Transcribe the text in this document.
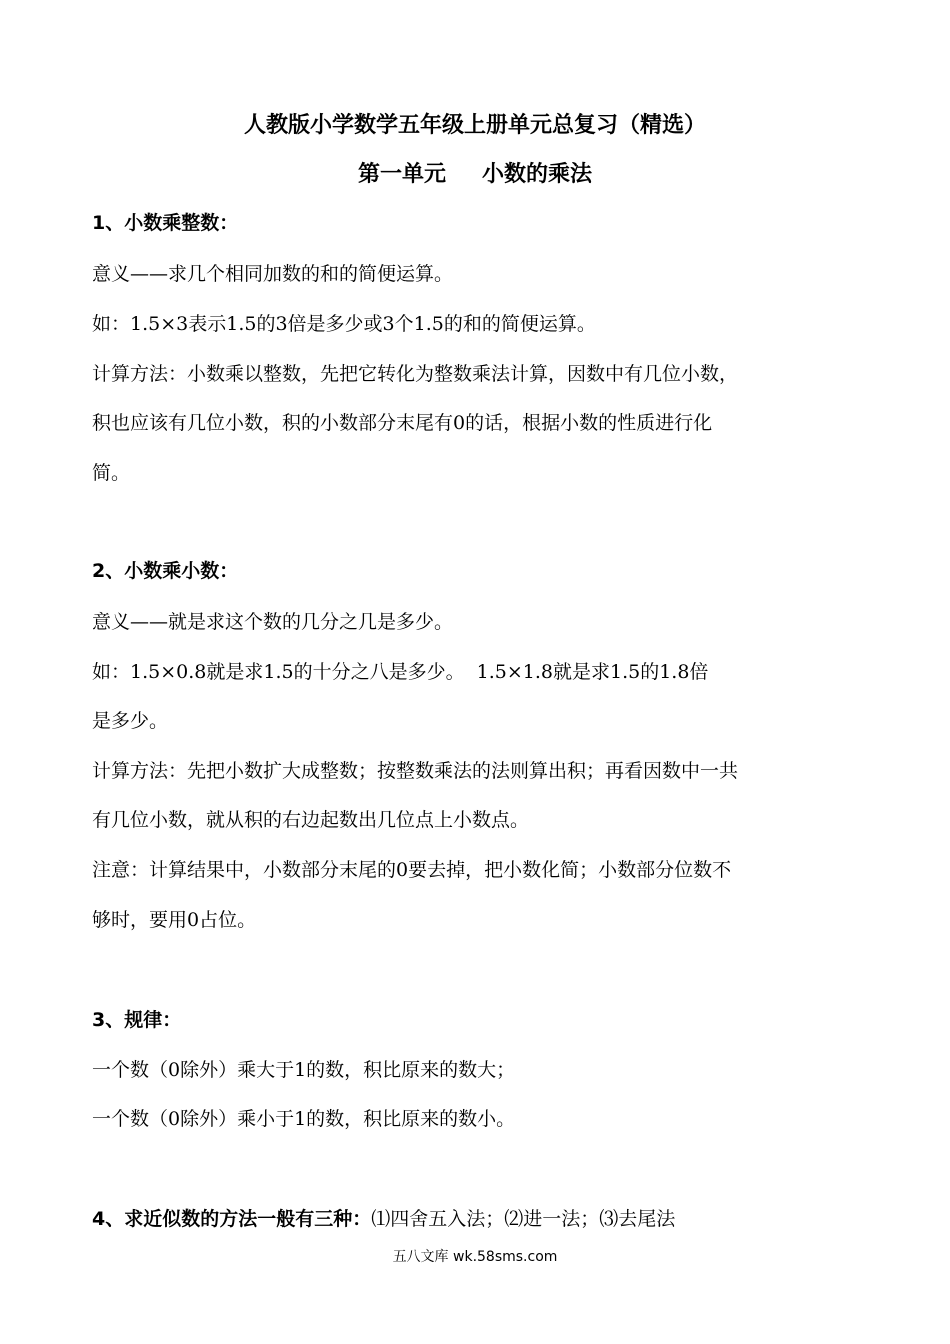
人教版小学数学五年级上册单元总复习（精选）
第一单元 小数的乘法
1、小数乘整数：
意义——求几个相同加数的和的简便运算。
如：1.5×3表示1.5的3倍是多少或3个1.5的和的简便运算。
计算方法：小数乘以整数，先把它转化为整数乘法计算，因数中有几位小数，
积也应该有几位小数，积的小数部分末尾有0的话，根据小数的性质进行化
简。
2、小数乘小数：
意义——就是求这个数的几分之几是多少。
如：1.5×0.8就是求1.5的十分之八是多少。  1.5×1.8就是求1.5的1.8倍
是多少。
计算方法：先把小数扩大成整数；按整数乘法的法则算出积；再看因数中一共
有几位小数，就从积的右边起数出几位点上小数点。
注意：计算结果中，小数部分末尾的0要去掉，把小数化简；小数部分位数不
够时，要用0占位。
3、规律：
一个数（0除外）乘大于1的数，积比原来的数大；
一个数（0除外）乘小于1的数，积比原来的数小。
4、求近似数的方法一般有三种：⑴四舍五入法；⑵进一法；⑶去尾法
五八文库 wk.58sms.com
